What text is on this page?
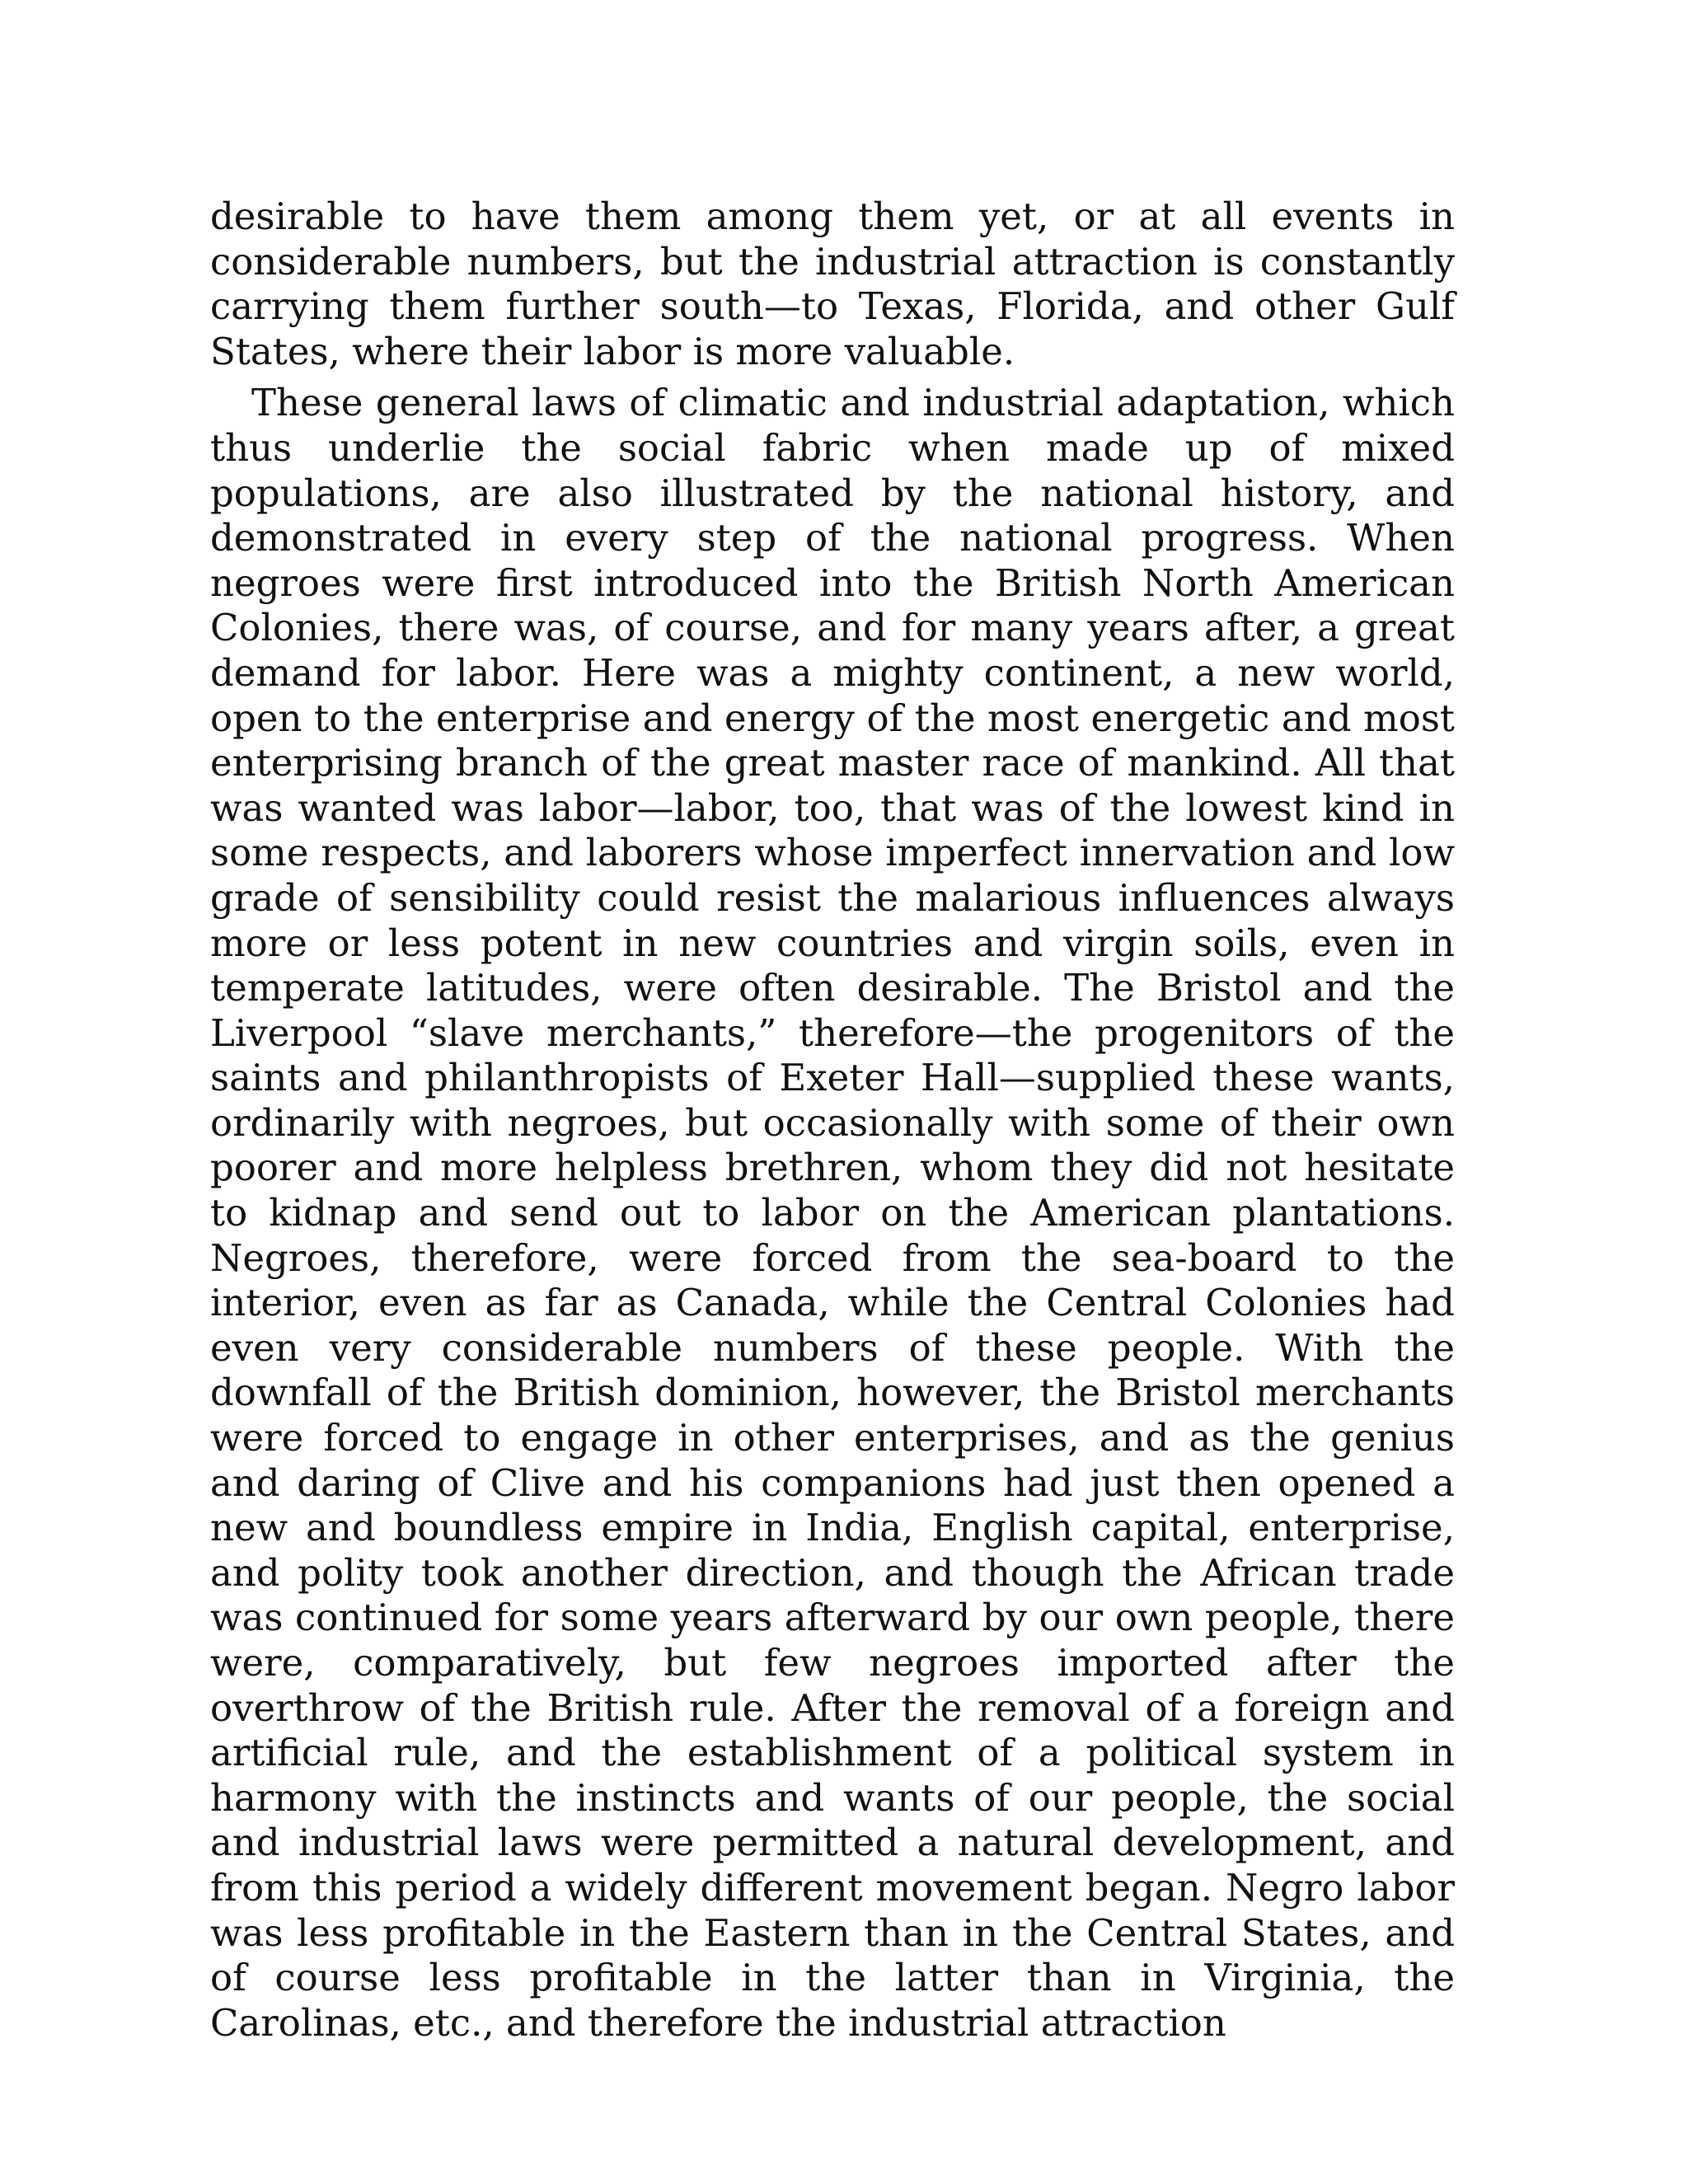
desirable to have them among them yet, or at all events in considerable numbers, but the industrial attraction is constantly carrying them further south—to Texas, Florida, and other Gulf States, where their labor is more valuable.

These general laws of climatic and industrial adaptation, which thus underlie the social fabric when made up of mixed populations, are also illustrated by the national history, and demonstrated in every step of the national progress. When negroes were first introduced into the British North American Colonies, there was, of course, and for many years after, a great demand for labor. Here was a mighty continent, a new world, open to the enterprise and energy of the most energetic and most enterprising branch of the great master race of mankind. All that was wanted was labor—labor, too, that was of the lowest kind in some respects, and laborers whose imperfect innervation and low grade of sensibility could resist the malarious influences always more or less potent in new countries and virgin soils, even in temperate latitudes, were often desirable. The Bristol and the Liverpool “slave merchants,” therefore—the progenitors of the saints and philanthropists of Exeter Hall—supplied these wants, ordinarily with negroes, but occasionally with some of their own poorer and more helpless brethren, whom they did not hesitate to kidnap and send out to labor on the American plantations. Negroes, therefore, were forced from the sea-board to the interior, even as far as Canada, while the Central Colonies had even very considerable numbers of these people. With the downfall of the British dominion, however, the Bristol merchants were forced to engage in other enterprises, and as the genius and daring of Clive and his companions had just then opened a new and boundless empire in India, English capital, enterprise, and polity took another direction, and though the African trade was continued for some years afterward by our own people, there were, comparatively, but few negroes imported after the overthrow of the British rule. After the removal of a foreign and artificial rule, and the establishment of a political system in harmony with the instincts and wants of our people, the social and industrial laws were permitted a natural development, and from this period a widely different movement began. Negro labor was less profitable in the Eastern than in the Central States, and of course less profitable in the latter than in Virginia, the Carolinas, etc., and therefore the industrial attraction
